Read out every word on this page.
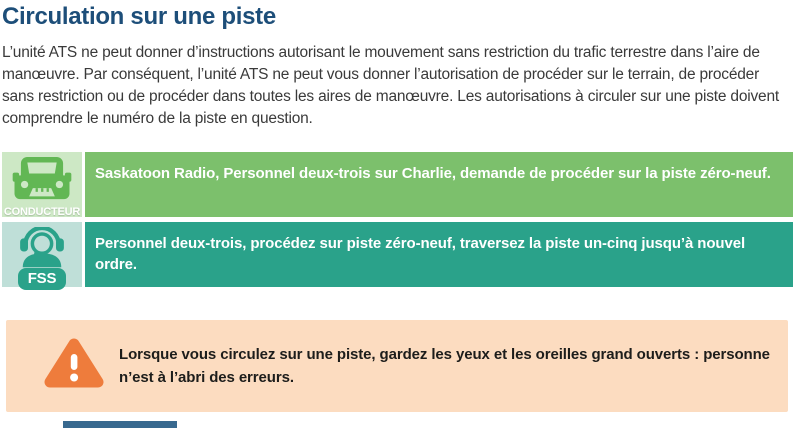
Circulation sur une piste

L’unité ATS ne peut donner d’instructions autorisant le mouvement sans restriction du trafic terrestre dans l’aire de manœuvre. Par conséquent, l’unité ATS ne peut vous donner l’autorisation de procéder sur le terrain, de procéder sans restriction ou de procéder dans toutes les aires de manœuvre. Les autorisations à circuler sur une piste doivent comprendre le numéro de la piste en question.

CONDUCTEUR

Saskatoon Radio, Personnel deux-trois sur Charlie, demande de procéder sur la piste zéro-neuf.

FSS

Personnel deux-trois, procédez sur piste zéro-neuf, traversez la piste un-cinq jusqu’à nouvel ordre.

Lorsque vous circulez sur une piste, gardez les yeux et les oreilles grand ouverts : personne n’est à l’abri des erreurs.
